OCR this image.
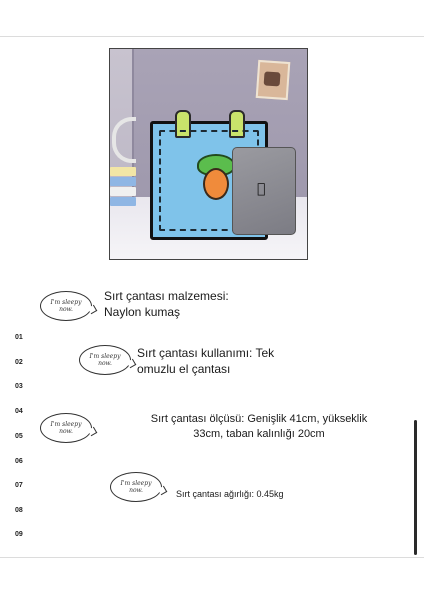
I'm sleepy
now.
I'm sleepy
now.
I'm sleepy
now.
I'm sleepy
now.
01
02
03
04
05
06
07
08
09
Sırt çantası malzemesi:
Naylon kumaş
Sırt çantası kullanımı: Tek
omuzlu el çantası
Sırt çantası ölçüsü: Genişlik 41cm, yükseklik
33cm, taban kalınlığı 20cm
Sırt çantası ağırlığı: 0.45kg
